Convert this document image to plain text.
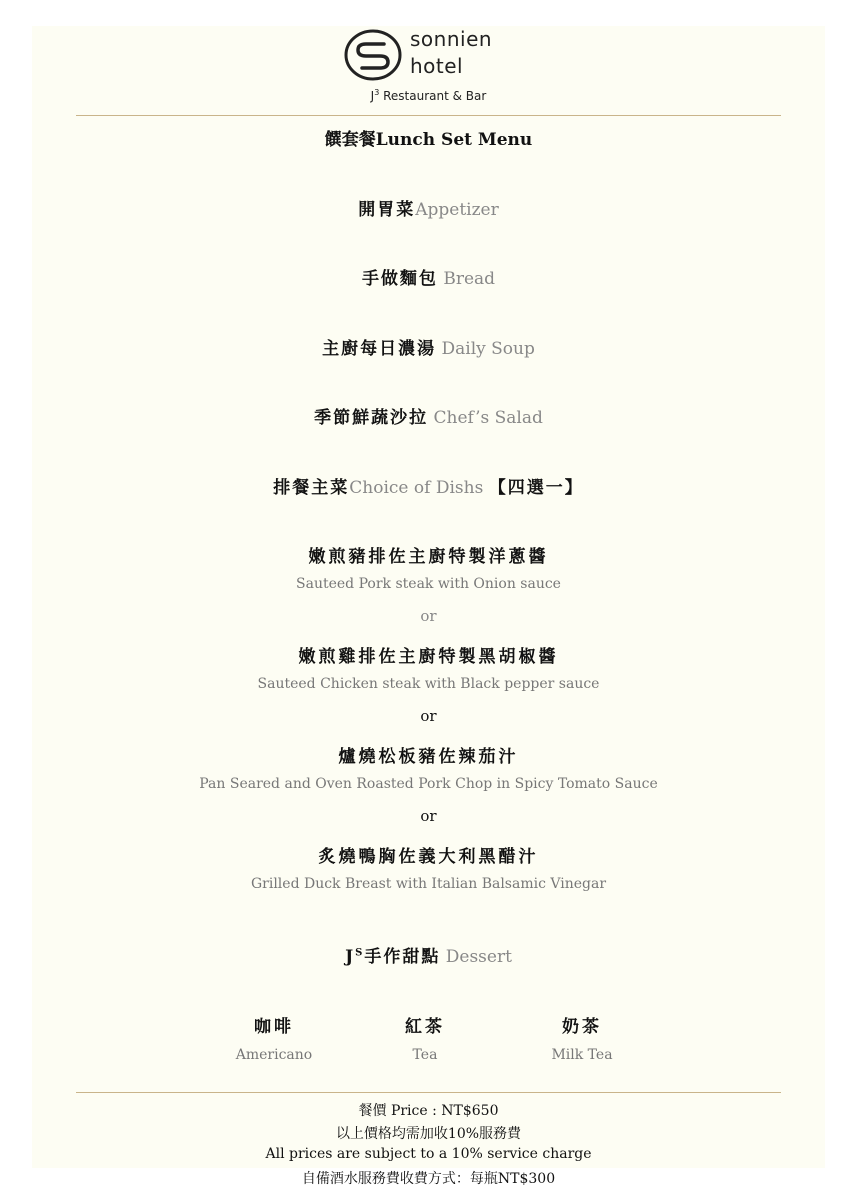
sonnien
hotel
$J^3$ Restaurant & Bar
饌套餐Lunch Set Menu
開胃菜Appetizer
手做麵包 Bread
主廚每日濃湯 Daily Soup
季節鮮蔬沙拉 Chef’s Salad
排餐主菜Choice of Dishs 【四選一】
嫩煎豬排佐主廚特製洋蔥醬
Sauteed Pork steak with Onion sauce
or
嫩煎雞排佐主廚特製黑胡椒醬
Sauteed Chicken steak with Black pepper sauce
or
爐燒松板豬佐辣茄汁
Pan Seared and Oven Roasted Pork Chop in Spicy Tomato Sauce
or
炙燒鴨胸佐義大利黑醋汁
Grilled Duck Breast with Italian Balsamic Vinegar
$J^S$手作甜點 Dessert
咖啡
Americano
紅茶
Tea
奶茶
Milk Tea
餐價 Price : NT$650
以上價格均需加收10%服務費
All prices are subject to a 10% service charge
自備酒水服務費收費方式：每瓶NT$300
